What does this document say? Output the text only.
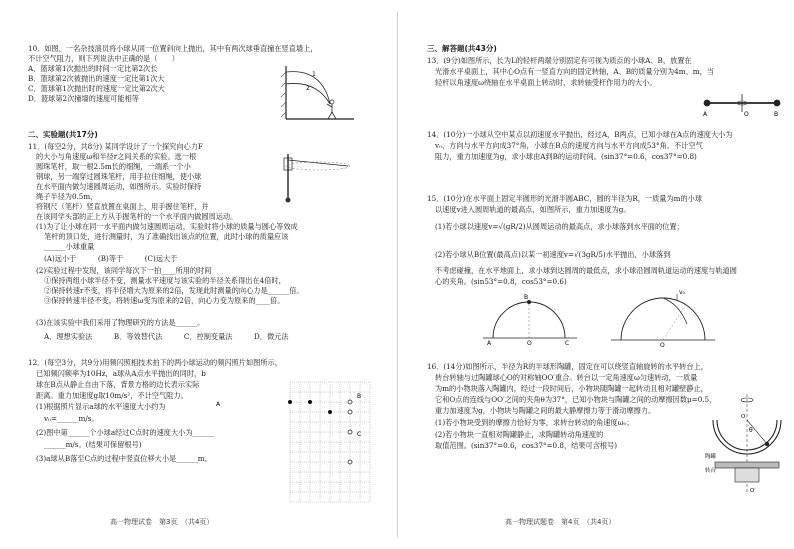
10．如图，一名杂技演员将小球从同一位置斜向上抛出，其中有两次球垂直撞在竖直墙上，
不计空气阻力，则下列说法中正确的是（　　）
A．篮球第1次抛出的时间一定比第2次长
B．篮球第2次被抛出的速度一定比第1次大
C．篮球第1次抛出时的速度一定比第2次大
D．篮球第2次撞墙的速度可能相等
1
2
二、实验题(共17分)
11．(每空2分，共8分) 某同学设计了一个探究向心力F
的大小与角速度ω和半径r之间关系的实验。选一根
圆珠笔杆，取一根2.5m长的细绳，一端系一个小
钢球，另一端穿过圆珠笔杆，用手拉住细绳，使小球
在水平面内做匀速圆周运动，如图所示。实验时保持
绳子半径为0.5m，
将钢尺（笔杆）竖直放置在桌面上，用手握住笔杆，并
在该同学头部的正上方从手握笔杆的一个水平面内做圆周运动。
(1)为了让小球在同一水平面内做匀速圆周运动，实验时将小球的质量与圆心等效成
笔杆的顶口处，进行测量时，为了准确找出该点的位置，此时小球的质量应该
______小球重量
(A)远小于　　　(B)等于　　　(C)远大于
(2)实验过程中发现，该同学每次下一拍____所用的时间
①保持两组小球半径不变，测量水平速度与该实验的半径关系得出在4倍时，
②保持转速r不变，将半径增大为原来的2倍，发现此时测量的向心力是______倍。
③保持转速半径不变，将转速ω变为原来的2倍，向心力变为原来的____倍。
(3)在该实验中我们采用了物理研究的方法是______。
A．理想实验法　　　B．等效替代法　　　C．控制变量法　　　D．微元法
12．(每空3分，共9分)用频闪照相技术拍下的两小球运动的频闪照片如图所示，
已知频闪频率为10Hz，a球从A点水平抛出的同时，b
球在B点从静止自由下落，背景方格的边长表示实际
距离。重力加速度g取10m/s²，不计空气阻力。
(1)根据照片显示a球的水平速度大小约为
v₀=______m/s。
(2)图中第______个小球a经过C点时的速度大小为______
______m/s。(结果可保留根号)
(3)a球从B落至C点的过程中竖直位移大小是______m。
A
B
C
高一物理试卷　第3页　（共4页）
三、解答题(共43分)
13．(9分)如图所示，长为L的轻杆两端分别固定有可视为质点的小球A、B，放置在
光滑水平桌面上，其中心O点有一竖直方向的固定转轴，A、B的质量分别为4m、m，当
轻杆以角速度ω绕轴在水平桌面上转动时，求转轴受杆作用力的大小。
A	O	B
14．(10分)一小球从空中某点以初速度水平抛出，经过A、B两点，已知小球在A点的速度大小为
v₀、方向与水平方向成37°角，小球在B点的速度方向与水平方向成53°角。不计空气
阻力，重力加速度为g，求小球由A到B的运动时间。(sin37°=0.6，cos37°=0.8)
15．(10分)在水平面上固定半圆形的光滑半圆ABC，圆的半径为R，一质量为m的小球
以速度v进入圆周轨道的最高点，如图所示，重力加速度为g。
(1)若小球以速度v=√(gR/2)从圆周运动的最高点，求小球落到水平面的位置；
(2)若小球从B位置(最高点)以某一初速度v=√(3gR/5)水平抛出，小球落到
不考虑碰撞，在水平地面上，求小球到达圆周的最低点，求小球沿圆周轨道运动的速度与轨道圆
心的夹角。(sin53°=0.8，cos53°=0.6)
B
A	O	C
v₀
O
16．(14分)如图所示，半径为R的半球形陶罐，固定在可以绕竖直轴旋转的水平转台上，
转台转轴与过陶罐球心O的对称轴OO′重合。转台以一定角速度ω匀速转动，一质量
为m的小物块落入陶罐内，经过一段时间后，小物块随陶罐一起转动且相对罐壁静止，
它和O点的连线与OO′之间的夹角θ为37°，已知小物块与陶罐之间的动摩擦因数μ=0.5，
重力加速度为g，小物块与陶罐之间的最大静摩擦力等于滑动摩擦力。
(1)若小物块受到的摩擦力恰好为零，求转台转动的角速度ω₀；
(2)若小物块一直相对陶罐静止，求陶罐转动角速度的
取值范围。(sin37°=0.6，cos37°=0.8，结果可含根号)
θ
转台
陶罐
O′
O
高一物理试题卷　第4页　（共4页）
